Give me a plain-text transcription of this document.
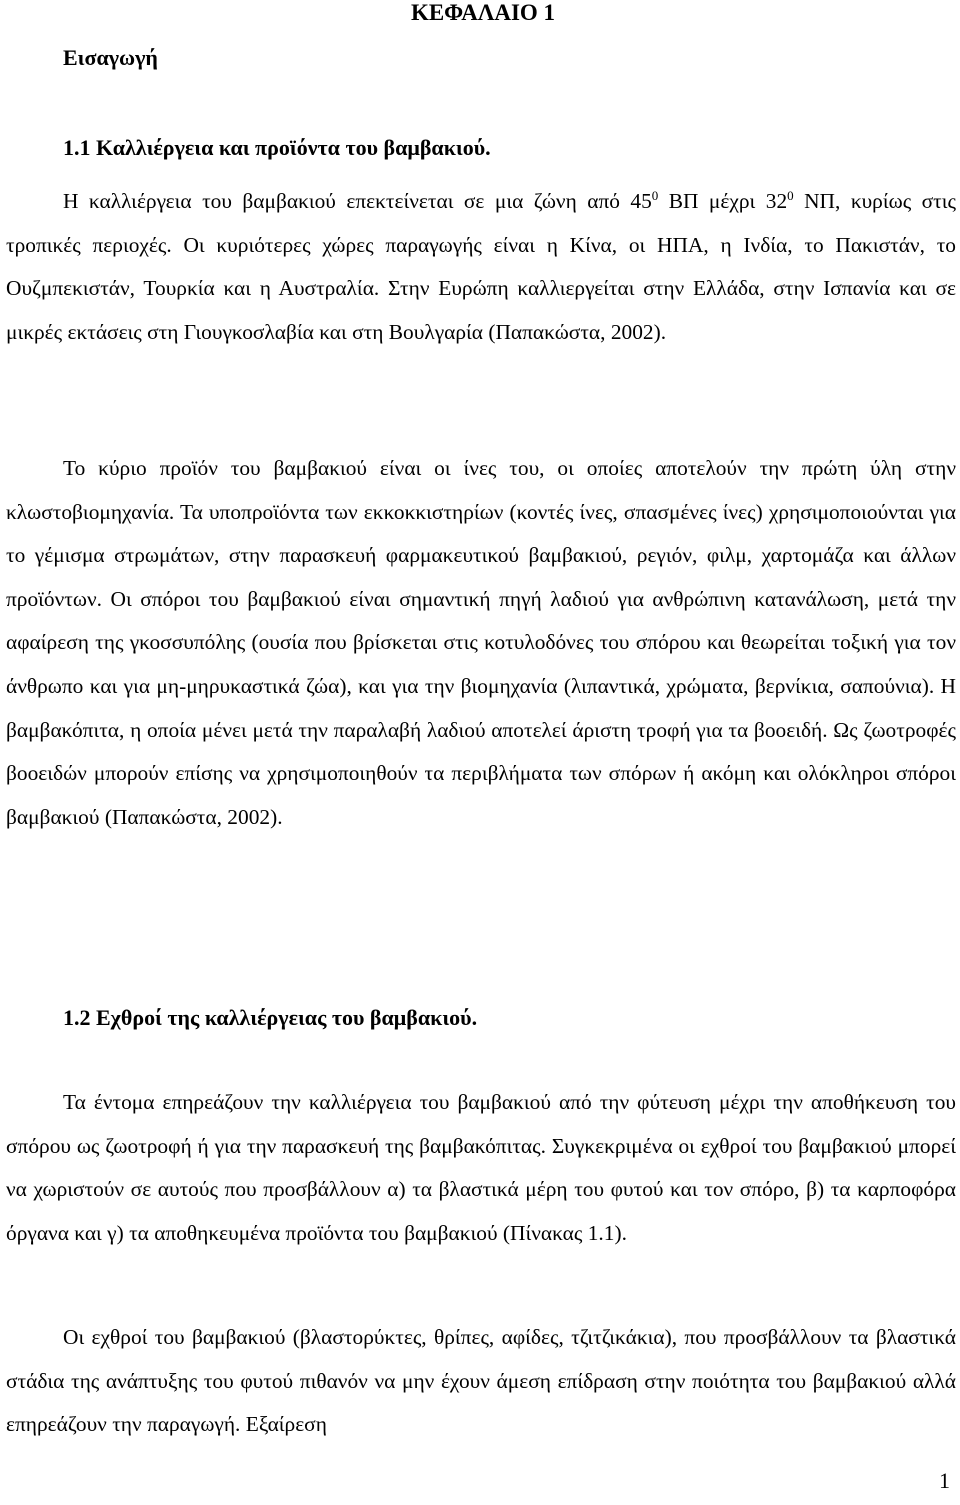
ΚΕΦΑΛΑΙΟ 1
Εισαγωγή
1.1 Καλλιέργεια και προϊόντα του βαμβακιού.

Η καλλιέργεια του βαμβακιού επεκτείνεται σε μια ζώνη από $45^0$ ΒΠ μέχρι $32^0$ ΝΠ, κυρίως στις τροπικές περιοχές. Οι κυριότερες χώρες παραγωγής είναι η Κίνα, οι ΗΠΑ, η Ινδία, το Πακιστάν, το Ουζμπεκιστάν, Τουρκία και η Αυστραλία. Στην Ευρώπη καλλιεργείται στην Ελλάδα, στην Ισπανία και σε μικρές εκτάσεις στη Γιουγκοσλαβία και στη Βουλγαρία (Παπακώστα, 2002).

Το κύριο προϊόν του βαμβακιού είναι οι ίνες του, οι οποίες αποτελούν την πρώτη ύλη στην κλωστοβιομηχανία. Τα υποπροϊόντα των εκκοκκιστηρίων (κοντές ίνες, σπασμένες ίνες) χρησιμοποιούνται για το γέμισμα στρωμάτων, στην παρασκευή φαρμακευτικού βαμβακιού, ρεγιόν, φιλμ, χαρτομάζα και άλλων προϊόντων. Οι σπόροι του βαμβακιού είναι σημαντική πηγή λαδιού για ανθρώπινη κατανάλωση, μετά την αφαίρεση της γκοσσυπόλης (ουσία που βρίσκεται στις κοτυλοδόνες του σπόρου και θεωρείται τοξική για τον άνθρωπο και για μη-μηρυκαστικά ζώα), και για την βιομηχανία (λιπαντικά, χρώματα, βερνίκια, σαπούνια). Η βαμβακόπιτα, η οποία μένει μετά την παραλαβή λαδιού αποτελεί άριστη τροφή για τα βοοειδή. Ως ζωοτροφές βοοειδών μπορούν επίσης να χρησιμοποιηθούν τα περιβλήματα των σπόρων ή ακόμη και ολόκληροι σπόροι βαμβακιού (Παπακώστα, 2002).

1.2 Εχθροί της καλλιέργειας του βαμβακιού.

Τα έντομα επηρεάζουν την καλλιέργεια του βαμβακιού από την φύτευση μέχρι την αποθήκευση του σπόρου ως ζωοτροφή ή για την παρασκευή της βαμβακόπιτας. Συγκεκριμένα οι εχθροί του βαμβακιού μπορεί να χωριστούν σε αυτούς που προσβάλλουν α) τα βλαστικά μέρη του φυτού και τον σπόρο, β) τα καρποφόρα όργανα και γ) τα αποθηκευμένα προϊόντα του βαμβακιού (Πίνακας 1.1).

Οι εχθροί του βαμβακιού (βλαστορύκτες, θρίπες, αφίδες, τζιτζικάκια), που προσβάλλουν τα βλαστικά στάδια της ανάπτυξης του φυτού πιθανόν να μην έχουν άμεση επίδραση στην ποιότητα του βαμβακιού αλλά επηρεάζουν την παραγωγή. Εξαίρεση

1
